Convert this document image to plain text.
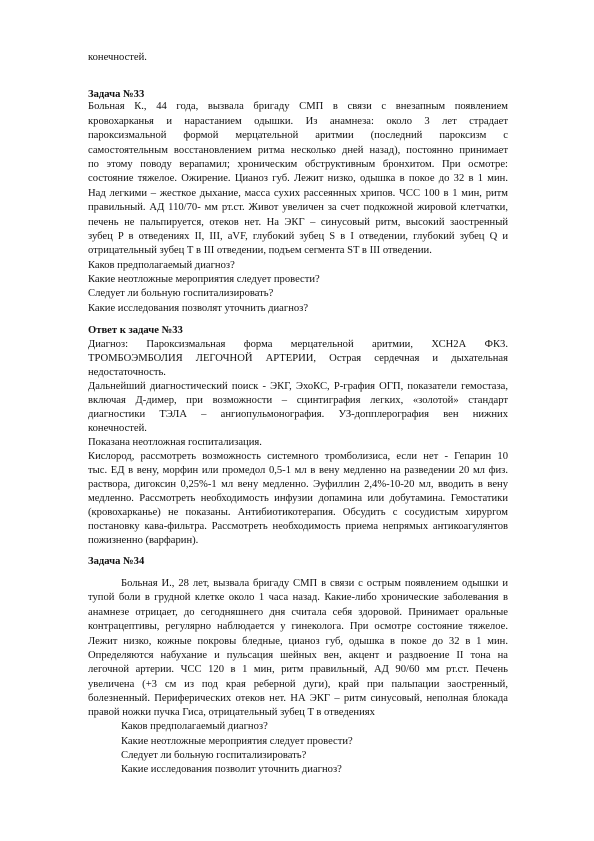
конечностей.
Задача №33
Больная К., 44 года, вызвала бригаду СМП в связи с внезапным появлением
кровохарканья и нарастанием одышки. Из анамнеза: около 3 лет страдает
пароксизмальной формой мерцательной аритмии (последний пароксизм с
самостоятельным восстановлением ритма несколько дней назад), постоянно принимает
по этому поводу верапамил; хроническим обструктивным бронхитом. При осмотре:
состояние тяжелое. Ожирение. Цианоз губ. Лежит низко, одышка в покое до 32 в 1 мин.
Над легкими – жесткое дыхание, масса сухих рассеянных хрипов. ЧСС 100 в 1 мин, ритм
правильный. АД 110/70- мм рт.ст. Живот увеличен за счет подкожной жировой клетчатки,
печень не пальпируется, отеков нет. На ЭКГ – синусовый ритм, высокий заостренный
зубец P в отведениях II, III, aVF, глубокий зубец S в I отведении, глубокий зубец Q и
отрицательный зубец Т в III отведении, подъем сегмента ST в III отведении.
Каков предполагаемый диагноз?
Какие неотложные мероприятия следует провести?
Следует ли больную госпитализировать?
Какие исследования позволят уточнить диагноз?
Ответ к задаче №33
Диагноз: Пароксизмальная форма мерцательной аритмии, ХСН2А ФК3.
ТРОМБОЭМБОЛИЯ ЛЕГОЧНОЙ АРТЕРИИ, Острая сердечная и дыхательная
недостаточность.
Дальнейший диагностический поиск - ЭКГ, ЭхоКС, Р-графия ОГП, показатели гемостаза,
включая Д-димер, при возможности – сцинтиграфия легких, «золотой» стандарт
диагностики ТЭЛА – ангиопульмонография. УЗ-допплерография вен нижних
конечностей.
Показана неотложная госпитализация.
Кислород, рассмотреть возможность системного тромболизиса, если нет - Гепарин 10
тыс. ЕД в вену, морфин или промедол 0,5-1 мл в вену медленно на разведении 20 мл физ.
раствора, дигоксин 0,25%-1 мл вену медленно. Эуфиллин 2,4%-10-20 мл, вводить в вену
медленно. Рассмотреть необходимость инфузии допамина или добутамина. Гемостатики
(кровохарканье) не показаны. Антибиотикотерапия. Обсудить с сосудистым хирургом
постановку кава-фильтра. Рассмотреть необходимость приема непрямых антикоагулянтов
пожизненно (варфарин).
Задача №34
Больная И., 28 лет, вызвала бригаду СМП в связи с острым появлением одышки и
тупой боли в грудной клетке около 1 часа назад. Какие-либо хронические заболевания в
анамнезе отрицает, до сегодняшнего дня считала себя здоровой. Принимает оральные
контрацептивы, регулярно наблюдается у гинеколога. При осмотре состояние тяжелое.
Лежит низко, кожные покровы бледные, цианоз губ, одышка в покое до 32 в 1 мин.
Определяются набухание и пульсация шейных вен, акцент и раздвоение II тона на
легочной артерии. ЧСС 120 в 1 мин, ритм правильный, АД 90/60 мм рт.ст. Печень
увеличена (+3 см из под края реберной дуги), край при пальпации заостренный,
болезненный. Периферических отеков нет. НА ЭКГ – ритм синусовый, неполная блокада
правой ножки пучка Гиса, отрицательный зубец T в отведениях
Каков предполагаемый диагноз?
Какие неотложные мероприятия следует провести?
Следует ли больную госпитализировать?
Какие исследования позволит уточнить диагноз?
